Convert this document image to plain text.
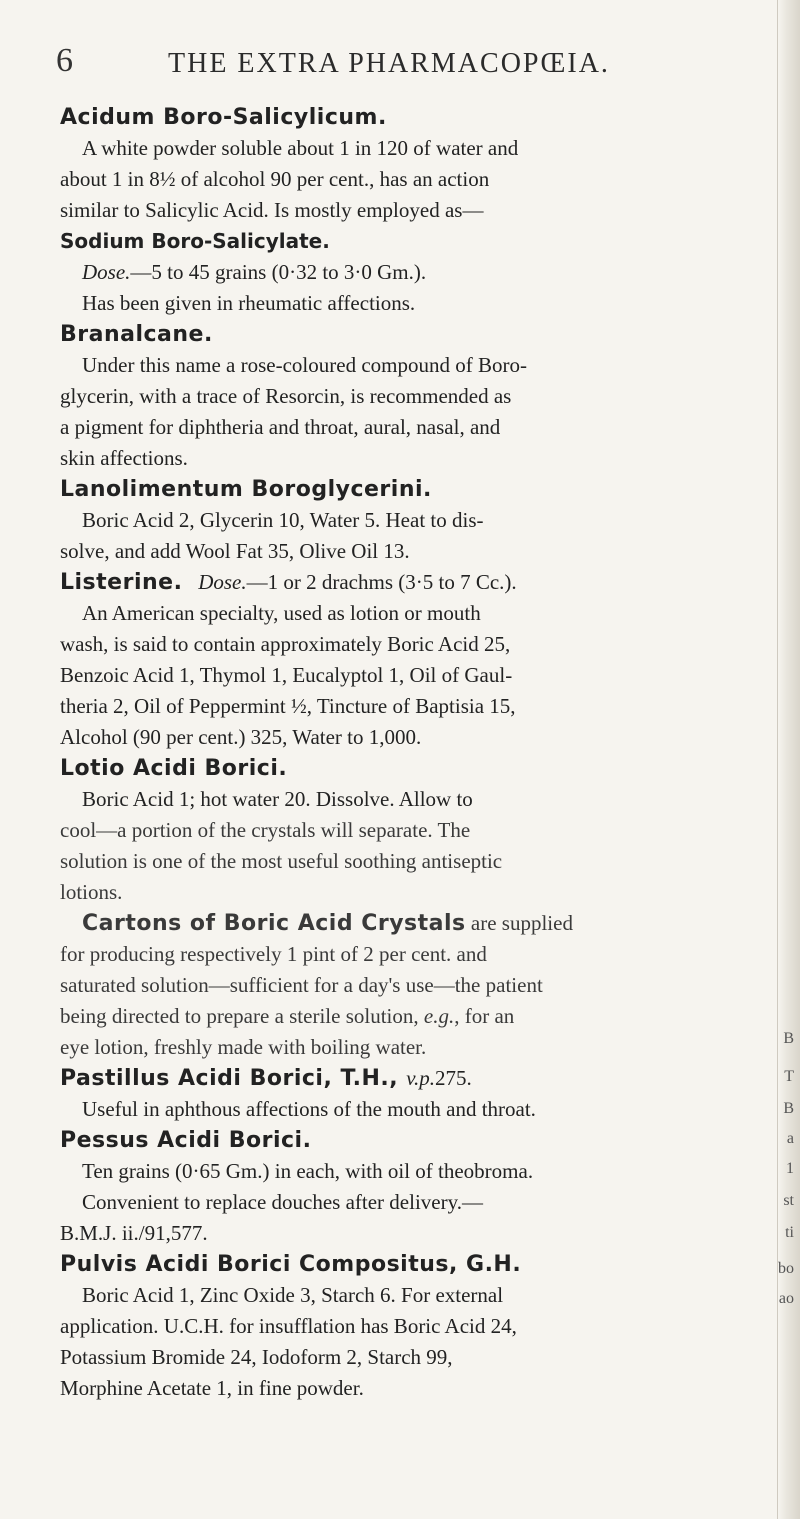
B
T
B
a
1
st
ti
bo
ao
6	THE EXTRA PHARMACOPŒIA.
Acidum Boro-Salicylicum.
A white powder soluble about 1 in 120 of water and
about 1 in 8½ of alcohol 90 per cent., has an action
similar to Salicylic Acid. Is mostly employed as—
Sodium Boro-Salicylate.
Dose.—5 to 45 grains (0·32 to 3·0 Gm.).
Has been given in rheumatic affections.
Branalcane.
Under this name a rose-coloured compound of Boro-
glycerin, with a trace of Resorcin, is recommended as
a pigment for diphtheria and throat, aural, nasal, and
skin affections.
Lanolimentum Boroglycerini.
Boric Acid 2, Glycerin 10, Water 5. Heat to dis-
solve, and add Wool Fat 35, Olive Oil 13.
Listerine. Dose.—1 or 2 drachms (3·5 to 7 Cc.).
An American specialty, used as lotion or mouth
wash, is said to contain approximately Boric Acid 25,
Benzoic Acid 1, Thymol 1, Eucalyptol 1, Oil of Gaul-
theria 2, Oil of Peppermint ½, Tincture of Baptisia 15,
Alcohol (90 per cent.) 325, Water to 1,000.
Lotio Acidi Borici.
Boric Acid 1; hot water 20. Dissolve. Allow to
cool—a portion of the crystals will separate. The
solution is one of the most useful soothing antiseptic
lotions.
Cartons of Boric Acid Crystals are supplied
for producing respectively 1 pint of 2 per cent. and
saturated solution—sufficient for a day's use—the patient
being directed to prepare a sterile solution, e.g., for an
eye lotion, freshly made with boiling water.
Pastillus Acidi Borici, T.H., v.p.275.
Useful in aphthous affections of the mouth and throat.
Pessus Acidi Borici.
Ten grains (0·65 Gm.) in each, with oil of theobroma.
Convenient to replace douches after delivery.—
B.M.J. ii./91,577.
Pulvis Acidi Borici Compositus, G.H.
Boric Acid 1, Zinc Oxide 3, Starch 6. For external
application. U.C.H. for insufflation has Boric Acid 24,
Potassium Bromide 24, Iodoform 2, Starch 99,
Morphine Acetate 1, in fine powder.
